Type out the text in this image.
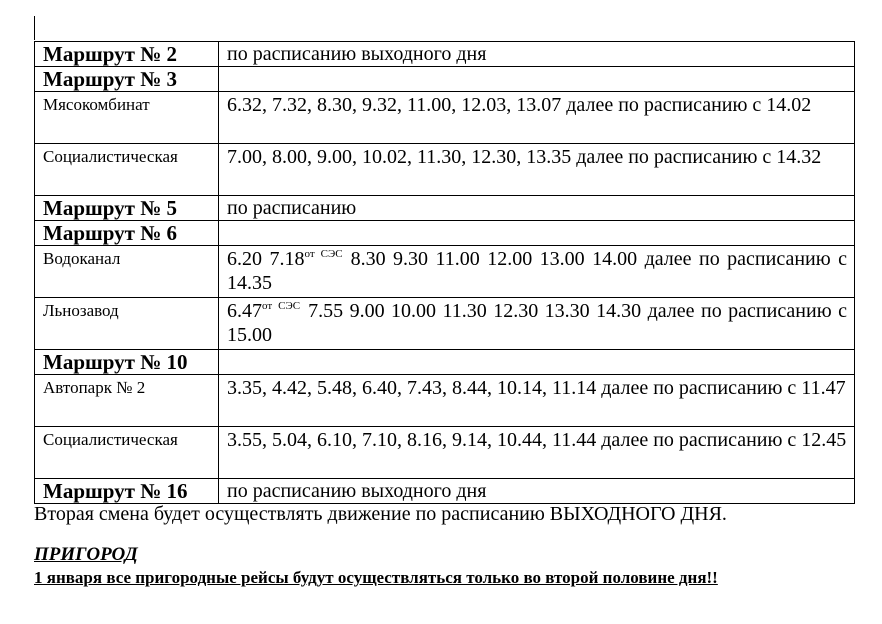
Маршрут № 2	по расписанию выходного дня
Маршрут № 3	
Мясокомбинат	6.32, 7.32, 8.30, 9.32, 11.00, 12.03, 13.07 далее по расписанию с 14.02
Социалистическая	7.00, 8.00, 9.00, 10.02, 11.30, 12.30, 13.35 далее по расписанию с 14.32
Маршрут № 5	по расписанию
Маршрут № 6	
Водоканал	6.20 $7.18^{от}$ $^{СЭС}$ 8.30 9.30 11.00 12.00 13.00 14.00 далее по расписанию с 14.35
Льнозавод	$6.47^{от}$ $^{СЭС}$ 7.55 9.00 10.00 11.30 12.30 13.30 14.30 далее по расписанию с 15.00
Маршрут № 10	
Автопарк № 2	3.35, 4.42, 5.48, 6.40, 7.43, 8.44, 10.14, 11.14 далее по расписанию с 11.47
Социалистическая	3.55, 5.04, 6.10, 7.10, 8.16, 9.14, 10.44, 11.44 далее по расписанию с 12.45
Маршрут № 16	по расписанию выходного дня
Вторая смена будет осуществлять движение по расписанию ВЫХОДНОГО ДНЯ.
ПРИГОРОД
1 января все пригородные рейсы будут осуществляться только во второй половине дня!!
